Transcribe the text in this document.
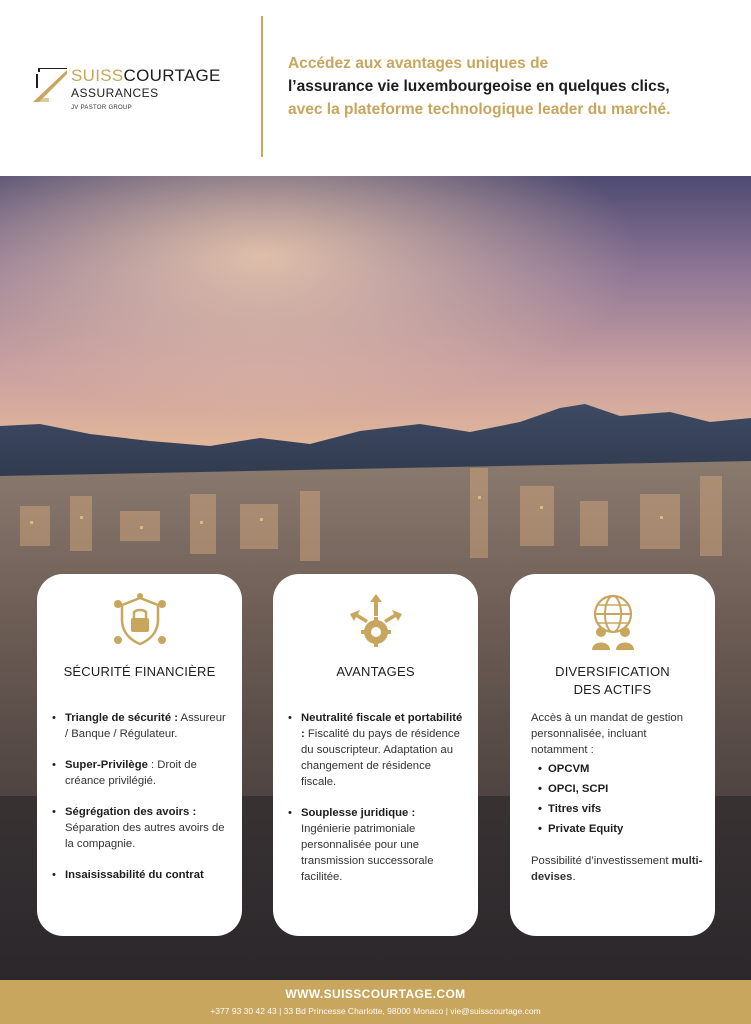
SUISSCOURTAGE
ASSURANCES
JV PASTOR GROUP
Accédez aux avantages uniques de
l’assurance vie luxembourgeoise en quelques clics,
avec la plateforme technologique leader du marché.
SÉCURITÉ FINANCIÈRE
• Triangle de sécurité : Assureur / Banque / Régulateur.
• Super-Privilège : Droit de créance privilégié.
• Ségrégation des avoirs : Séparation des autres avoirs de la compagnie.
• Insaisissabilité du contrat
AVANTAGES
• Neutralité fiscale et portabilité : Fiscalité du pays de résidence du souscripteur. Adaptation au changement de résidence fiscale.
• Souplesse juridique : Ingénierie patrimoniale personnalisée pour une transmission successorale facilitée.
DIVERSIFICATION
DES ACTIFS
Accès à un mandat de gestion personnalisée, incluant notamment :
• OPCVM
• OPCI, SCPI
• Titres vifs
• Private Equity
Possibilité d’investissement multi-devises.
WWW.SUISSCOURTAGE.COM
+377 93 30 42 43 | 33 Bd Princesse Charlotte, 98000 Monaco | vie@suisscourtage.com
